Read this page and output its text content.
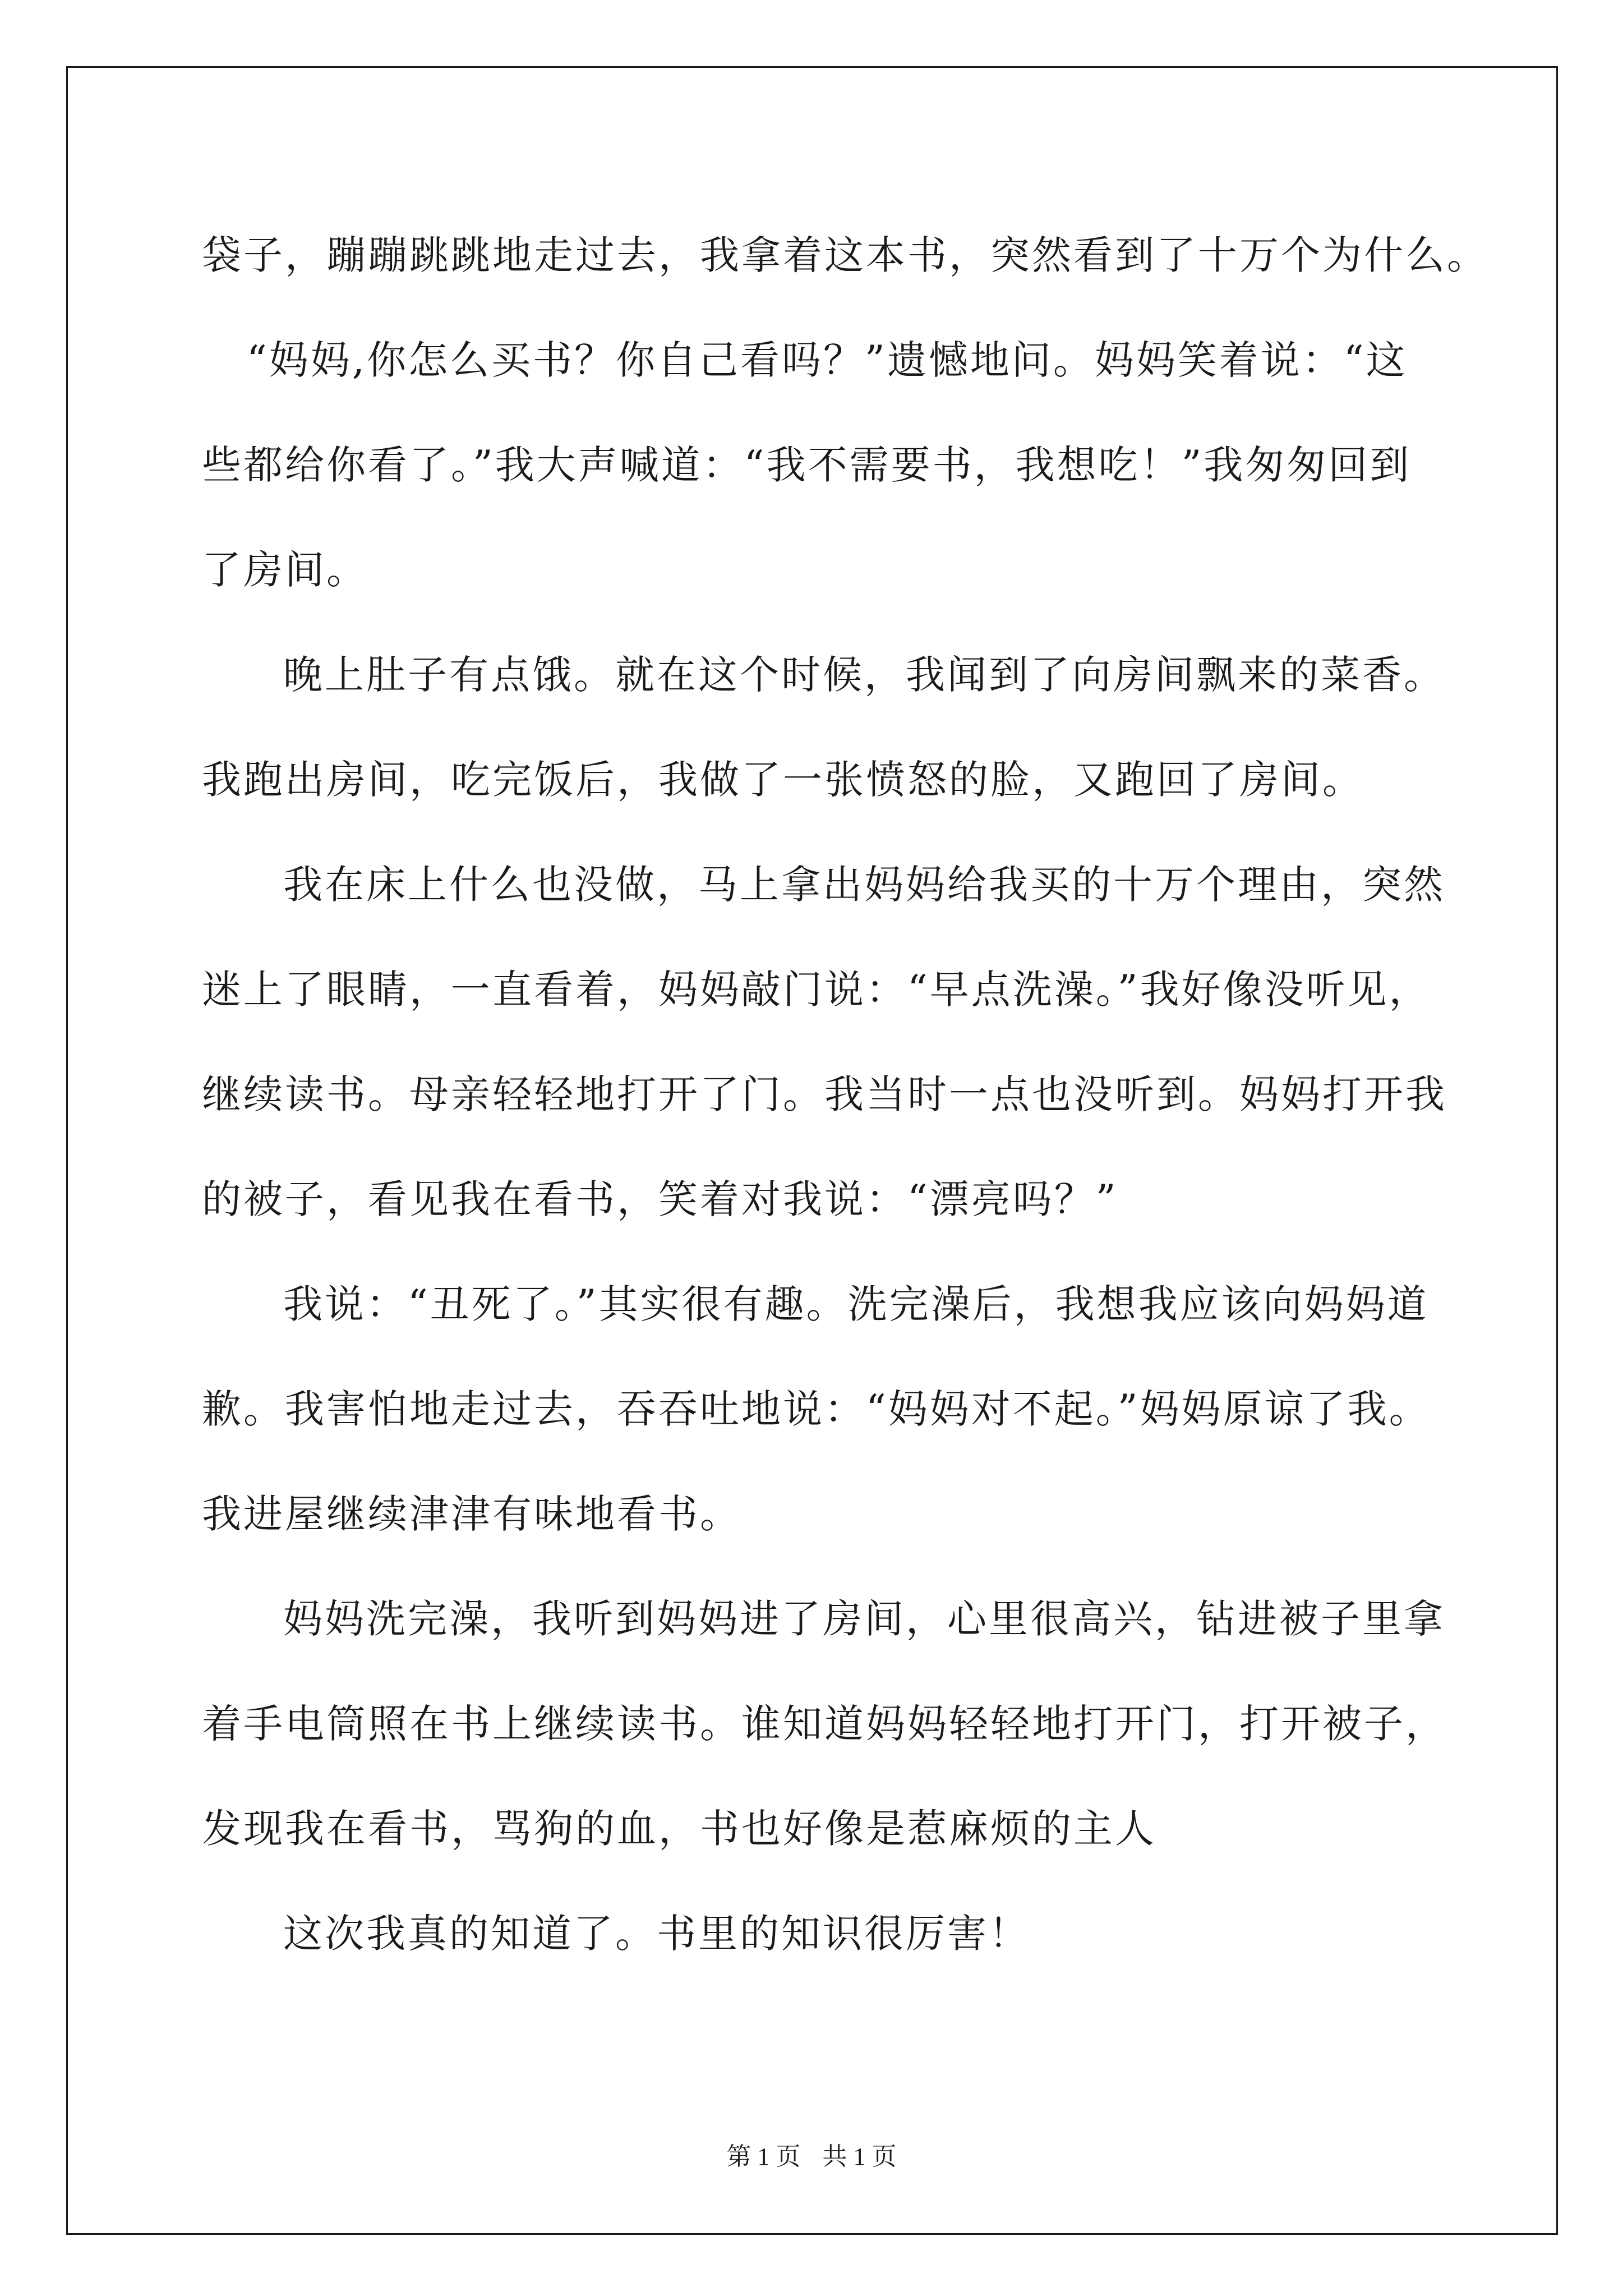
袋子，蹦蹦跳跳地走过去，我拿着这本书，突然看到了十万个为什么。
“妈妈,你怎么买书？你自己看吗？”遗憾地问。妈妈笑着说：“这
些都给你看了。”我大声喊道：“我不需要书，我想吃！”我匆匆回到
了房间。
晚上肚子有点饿。就在这个时候，我闻到了向房间飘来的菜香。
我跑出房间，吃完饭后，我做了一张愤怒的脸，又跑回了房间。
我在床上什么也没做，马上拿出妈妈给我买的十万个理由，突然
迷上了眼睛，一直看着，妈妈敲门说：“早点洗澡。”我好像没听见，
继续读书。母亲轻轻地打开了门。我当时一点也没听到。妈妈打开我
的被子，看见我在看书，笑着对我说：“漂亮吗？”
我说：“丑死了。”其实很有趣。洗完澡后，我想我应该向妈妈道
歉。我害怕地走过去，吞吞吐地说：“妈妈对不起。”妈妈原谅了我。
我进屋继续津津有味地看书。
妈妈洗完澡，我听到妈妈进了房间，心里很高兴，钻进被子里拿
着手电筒照在书上继续读书。谁知道妈妈轻轻地打开门，打开被子，
发现我在看书，骂狗的血，书也好像是惹麻烦的主人
这次我真的知道了。书里的知识很厉害！
第 1 页 共 1 页
